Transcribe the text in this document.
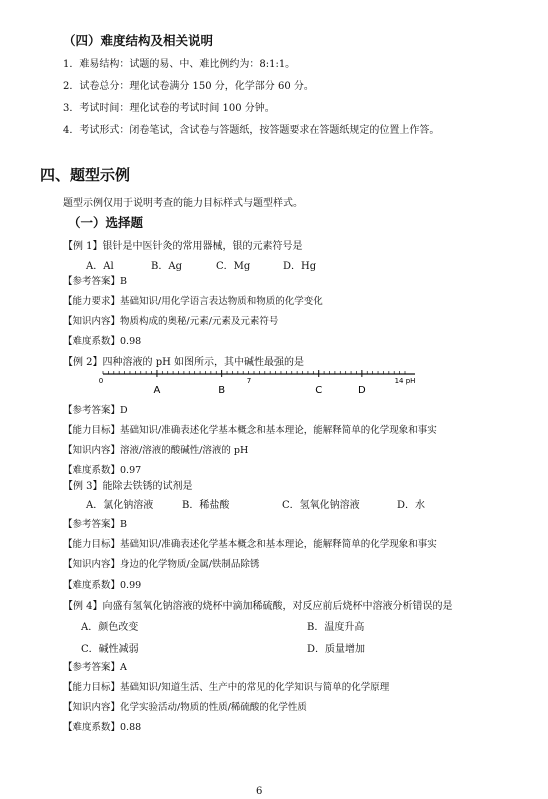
（四）难度结构及相关说明
1．难易结构：试题的易、中、难比例约为：8:1:1。
2．试卷总分：理化试卷满分 150 分，化学部分 60 分。
3．考试时间：理化试卷的考试时间 100 分钟。
4．考试形式：闭卷笔试，含试卷与答题纸，按答题要求在答题纸规定的位置上作答。
四、题型示例
题型示例仅用于说明考查的能力目标样式与题型样式。
（一）选择题
【例 1】银针是中医针灸的常用器械，银的元素符号是
A．Al	B．Ag	C．Mg	D．Hg
【参考答案】B
【能力要求】基础知识/用化学语言表达物质和物质的化学变化
【知识内容】物质构成的奥秘/元素/元素及元素符号
【难度系数】0.98
【例 2】四种溶液的 pH 如图所示，其中碱性最强的是
0	7	14 pH
A	B	C	D
【参考答案】D
【能力目标】基础知识/准确表述化学基本概念和基本理论，能解释简单的化学现象和事实
【知识内容】溶液/溶液的酸碱性/溶液的 pH
【难度系数】0.97
【例 3】能除去铁锈的试剂是
A．氯化钠溶液	B．稀盐酸	C．氢氧化钠溶液	D．水
【参考答案】B
【能力目标】基础知识/准确表述化学基本概念和基本理论，能解释简单的化学现象和事实
【知识内容】身边的化学物质/金属/铁制品除锈
【难度系数】0.99
【例 4】向盛有氢氧化钠溶液的烧杯中滴加稀硫酸，对反应前后烧杯中溶液分析错误的是
A．颜色改变	B．温度升高
C．碱性减弱	D．质量增加
【参考答案】A
【能力目标】基础知识/知道生活、生产中的常见的化学知识与简单的化学原理
【知识内容】化学实验活动/物质的性质/稀硫酸的化学性质
【难度系数】0.88
6
